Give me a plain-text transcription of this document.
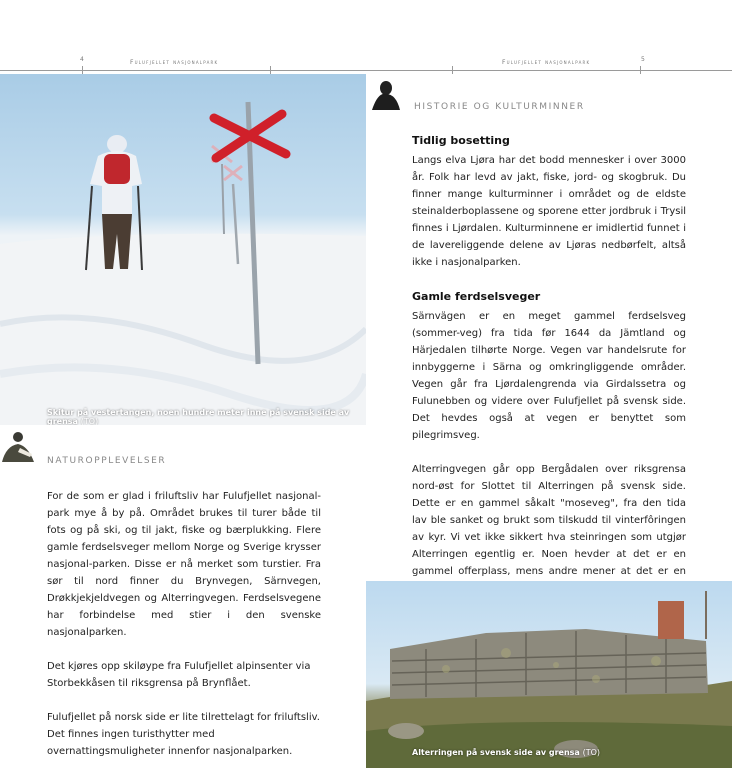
4	Fulufjellet nasjonalpark	Fulufjellet nasjonalpark	5
Skitur på vestertangen, noen hundre meter inne på svensk side av grensa (TO)
HISTORIE OG KULTURMINNER
Tidlig bosetting

Langs elva Ljøra har det bodd mennesker i over 3000 år. Folk har levd av jakt, fiske, jord- og skogbruk. Du finner mange kulturminner i området og de eldste steinalderboplassene og sporene etter jordbruk i Trysil finnes i Ljørdalen. Kulturminnene er imidlertid funnet i de lavereliggende delene av Ljøras nedbørfelt, altså ikke i nasjonalparken.

Gamle ferdselsveger

Särnvägen er en meget gammel ferdselsveg (sommer-veg) fra tida før 1644 da Jämtland og Härjedalen tilhørte Norge. Vegen var handelsrute for innbyggerne i Särna og omkringliggende områder. Vegen går fra Ljørdalengrenda via Girdalssetra og Fulunebben og videre over Fulufjellet på svensk side. Det hevdes også at vegen er benyttet som pilegrimsveg.

Alterringvegen går opp Bergådalen over riksgrensa nord-øst for Slottet til Alterringen på svensk side. Dette er en gammel såkalt "moseveg", fra den tida lav ble sanket og brukt som tilskudd til vinterfôringen av kyr. Vi vet ikke sikkert hva steinringen som utgjør Alterringen egentlig er. Noen hevder at det er en gammel offerplass, mens andre mener at det er en

NATUROPPLEVELSER

For de som er glad i friluftsliv har Fulufjellet nasjonal-park mye å by på. Området brukes til turer både til fots og på ski, og til jakt, fiske og bærplukking. Flere gamle ferdselsveger mellom Norge og Sverige krysser nasjonal-parken. Disse er nå merket som turstier. Fra sør til nord finner du Brynvegen, Särnvegen, Drøkkjekjeldvegen og Alterringvegen. Ferdselsvegene har forbindelse med stier i den svenske nasjonalparken.

Det kjøres opp skiløype fra Fulufjellet alpinsenter via Storbekkåsen til riksgrensa på Brynflået.

Fulufjellet på norsk side er lite tilrettelagt for friluftsliv. Det finnes ingen turisthytter med overnattingsmuligheter innenfor nasjonalparken.	Alterringen på svensk side av grensa (TO)
